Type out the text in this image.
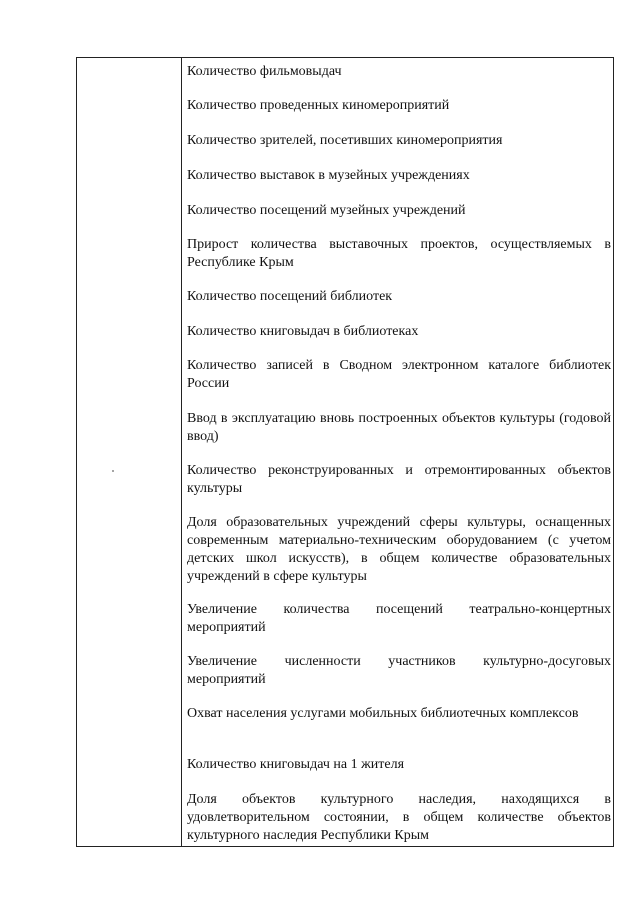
Количество фильмовыдач

Количество проведенных киномероприятий

Количество зрителей, посетивших киномероприятия

Количество выставок в музейных учреждениях

Количество посещений музейных учреждений

Прирост количества выставочных проектов, осуществляемых в Республике Крым

Количество посещений библиотек

Количество книговыдач в библиотеках

Количество записей в Сводном электронном каталоге библиотек России

Ввод в эксплуатацию вновь построенных объектов культуры (годовой ввод)

Количество реконструированных и отремонтированных объектов культуры

Доля образовательных учреждений сферы культуры, оснащенных современным материально-техническим оборудованием (с учетом детских школ искусств), в общем количестве образовательных учреждений в сфере культуры

Увеличение количества посещений театрально-концертных мероприятий

Увеличение численности участников культурно-досуговых мероприятий

Охват населения услугами мобильных библиотечных комплексов

Количество книговыдач на 1 жителя

Доля объектов культурного наследия, находящихся в удовлетворительном состоянии, в общем количестве объектов культурного наследия Республики Крым
